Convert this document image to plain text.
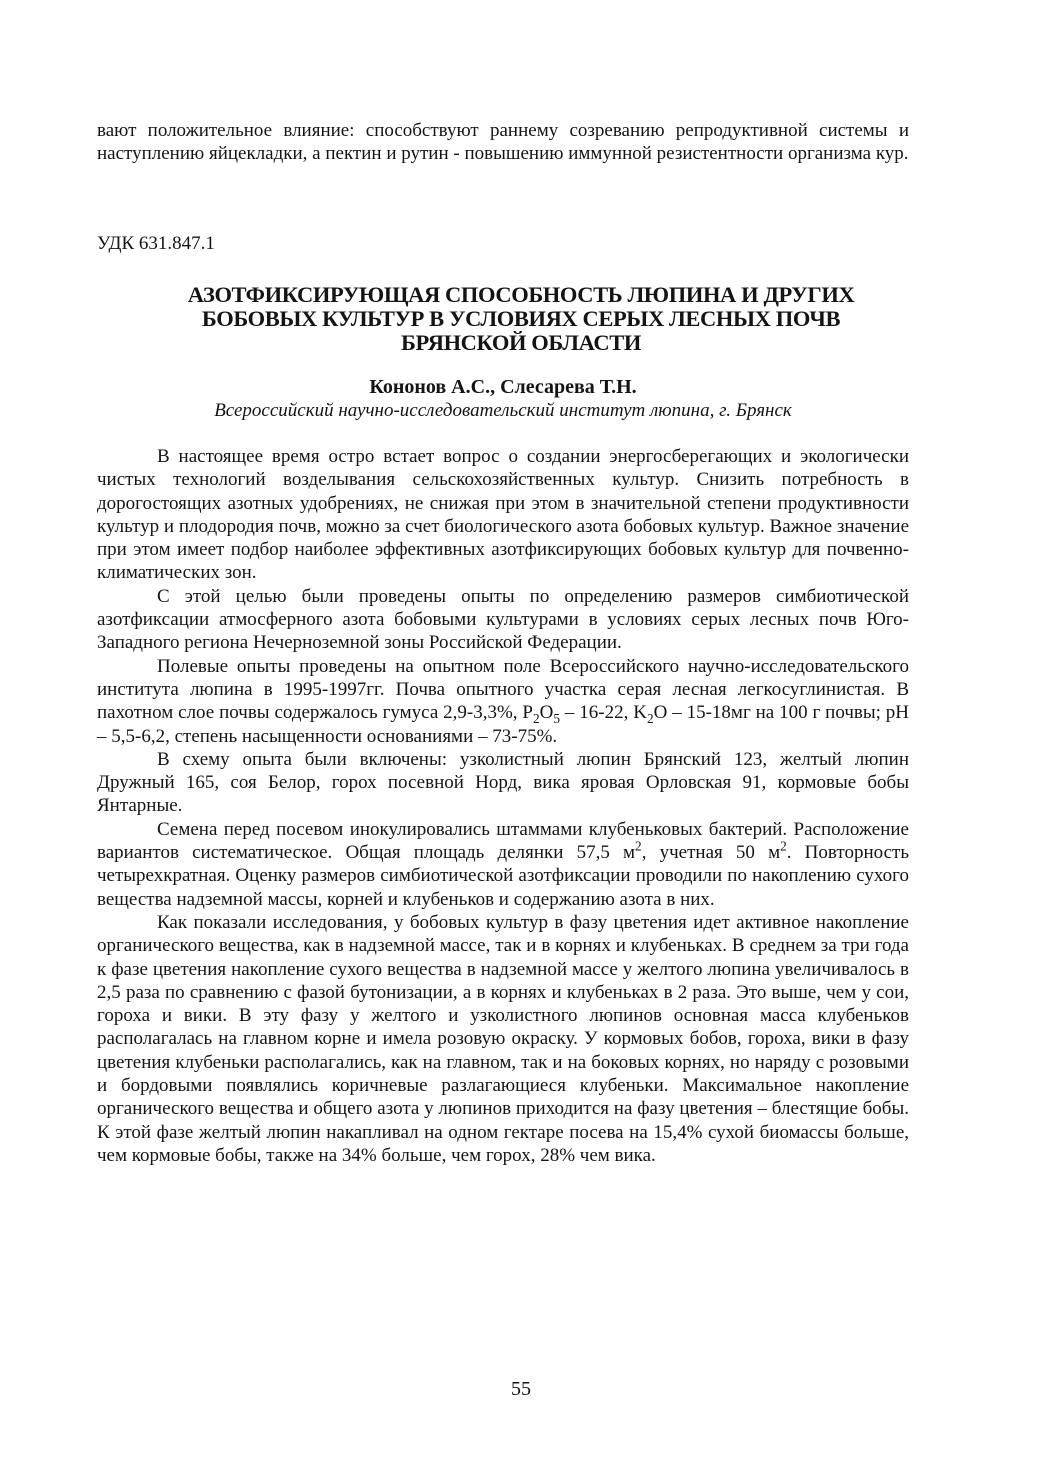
вают положительное влияние: способствуют раннему созреванию репродуктивной системы и наступлению яйцекладки, а пектин и рутин - повышению иммунной резистентности организма кур.

УДК 631.847.1
АЗОТФИКСИРУЮЩАЯ СПОСОБНОСТЬ ЛЮПИНА И ДРУГИХ
БОБОВЫХ КУЛЬТУР В УСЛОВИЯХ СЕРЫХ ЛЕСНЫХ ПОЧВ
БРЯНСКОЙ ОБЛАСТИ
Кононов А.С., Слесарева Т.Н.
Всероссийский научно-исследовательский институт люпина, г. Брянск

В настоящее время остро встает вопрос о создании энергосберегающих и экологически чистых технологий возделывания сельскохозяйственных культур. Снизить потребность в дорогостоящих азотных удобрениях, не снижая при этом в значительной степени продуктивности культур и плодородия почв, можно за счет биологического азота бобовых культур. Важное значение при этом имеет подбор наиболее эффективных азотфиксирующих бобовых культур для почвенно-климатических зон.

С этой целью были проведены опыты по определению размеров симбиотической азотфиксации атмосферного азота бобовыми культурами в условиях серых лесных почв Юго-Западного региона Нечерноземной зоны Российской Федерации.

Полевые опыты проведены на опытном поле Всероссийского научно-исследовательского института люпина в 1995-1997гг. Почва опытного участка серая лесная легкосуглинистая. В пахотном слое почвы содержалось гумуса 2,9-3,3%, $P_2O_5 - 16-22$, $K_2O - 15-18мг$ на 100 г почвы; pH – 5,5-6,2, степень насыщенности основаниями – 73-75%.

В схему опыта были включены: узколистный люпин Брянский 123, желтый люпин Дружный 165, соя Белор, горох посевной Норд, вика яровая Орловская 91, кормовые бобы Янтарные.

Семена перед посевом инокулировались штаммами клубеньковых бактерий. Расположение вариантов систематическое. Общая площадь делянки 57,5 $м^2$, учетная 50 $м^2$. Повторность четырехкратная. Оценку размеров симбиотической азотфиксации проводили по накоплению сухого вещества надземной массы, корней и клубеньков и содержанию азота в них.

Как показали исследования, у бобовых культур в фазу цветения идет активное накопление органического вещества, как в надземной массе, так и в корнях и клубеньках. В среднем за три года к фазе цветения накопление сухого вещества в надземной массе у желтого люпина увеличивалось в 2,5 раза по сравнению с фазой бутонизации, а в корнях и клубеньках в 2 раза. Это выше, чем у сои, гороха и вики. В эту фазу у желтого и узколистного люпинов основная масса клубеньков располагалась на главном корне и имела розовую окраску. У кормовых бобов, гороха, вики в фазу цветения клубеньки располагались, как на главном, так и на боковых корнях, но наряду с розовыми и бордовыми появлялись коричневые разлагающиеся клубеньки. Максимальное накопление органического вещества и общего азота у люпинов приходится на фазу цветения – блестящие бобы. К этой фазе желтый люпин накапливал на одном гектаре посева на 15,4% сухой биомассы больше, чем кормовые бобы, также на 34% больше, чем горох, 28% чем вика.

55
